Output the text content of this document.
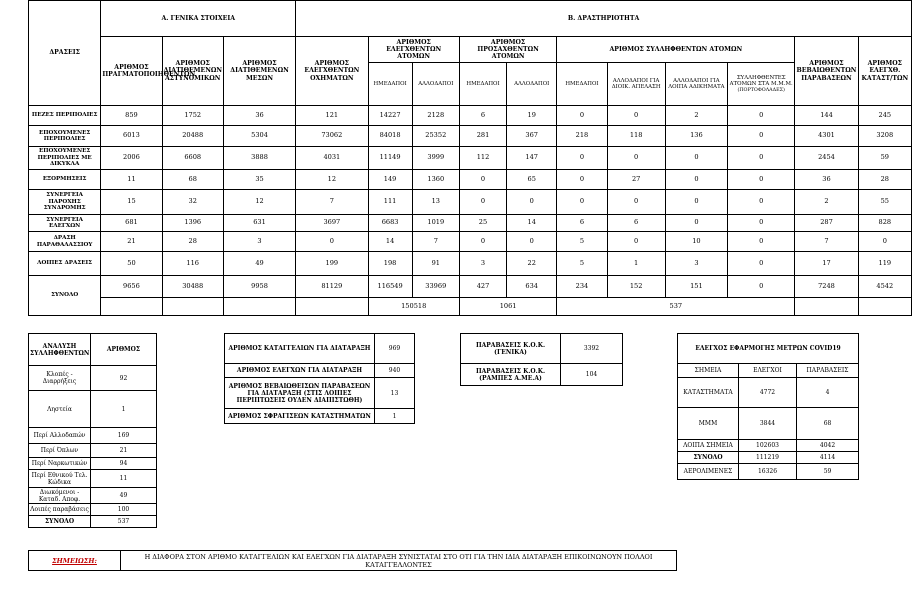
ΔΡΑΣΕΙΣ	Α. ΓΕΝΙΚΑ ΣΤΟΙΧΕΙΑ			Β. ΔΡΑΣΤΗΡΙΟΤΗΤΑ										
	ΑΡΙΘΜΟΣ ΠΡΑΓΜΑΤΟΠΟΙΗΘΕΝΤΩΝ	ΑΡΙΘΜΟΣ ΔΙΑΤΙΘΕΜΕΝΩΝ ΑΣΤΥΝΟΜΙΚΩΝ	ΑΡΙΘΜΟΣ ΔΙΑΤΙΘΕΜΕΝΩΝ ΜΕΣΩΝ	ΑΡΙΘΜΟΣ ΕΛΕΓΧΘΕΝΤΩΝ ΟΧΗΜΑΤΩΝ	ΑΡΙΘΜΟΣ ΕΛΕΓΧΘΕΝΤΩΝ ΑΤΟΜΩΝ		ΑΡΙΘΜΟΣ ΠΡΟΣΑΧΘΕΝΤΩΝ ΑΤΟΜΩΝ		ΑΡΙΘΜΟΣ ΣΥΛΛΗΦΘΕΝΤΩΝ ΑΤΟΜΩΝ				ΑΡΙΘΜΟΣ ΒΕΒΑΙΩΘΕΝΤΩΝ ΠΑΡΑΒΑΣΕΩΝ	ΑΡΙΘΜΟΣ ΕΛΕΓΧΘ. ΚΑΤΑΣΤ/ΤΩΝ
					ΗΜΕΔΑΠΟΙ	ΑΛΛΟΔΑΠΟΙ	ΗΜΕΔΑΠΟΙ	ΑΛΛΟΔΑΠΟΙ	ΗΜΕΔΑΠΟΙ	ΑΛΛΟΔΑΠΟΙ ΓΙΑ ΔΙΟΙΚ. ΑΠΕΛΑΣΗ	ΑΛΛΟΔΑΠΟΙ ΓΙΑ ΛΟΙΠΑ ΑΔΙΚΗΜΑΤΑ	ΣΥΛΛΗΦΘΕΝΤΕΣ ΑΤΟΜΩΝ ΣΤΑ Μ.Μ.Μ.
(ΠΟΡΤΟΦΟΛΑΔΕΣ)		
ΠΕΖΕΣ ΠΕΡΙΠΟΛΙΕΣ	859	1752	36	121	14227	2128	6	19	0	0	2	0	144	245
ΕΠΟΧΟΥΜΕΝΕΣ ΠΕΡΙΠΟΛΙΕΣ	6013	20488	5304	73062	84018	25352	281	367	218	118	136	0	4301	3208
ΕΠΟΧΟΥΜΕΝΕΣ ΠΕΡΙΠΟΛΙΕΣ ΜΕ ΔΙΚΥΚΛΑ	2006	6608	3888	4031	11149	3999	112	147	0	0	0	0	2454	59
ΕΞΟΡΜΗΣΕΙΣ	11	68	35	12	149	1360	0	65	0	27	0	0	36	28
ΣΥΝΕΡΓΕΙΑ ΠΑΡΟΧΗΣ ΣΥΝΔΡΟΜΗΣ	15	32	12	7	111	13	0	0	0	0	0	0	2	55
ΣΥΝΕΡΓΕΙΑ ΕΛΕΓΧΩΝ	681	1396	631	3697	6683	1019	25	14	6	6	0	0	287	828
ΔΡΑΣΗ ΠΑΡΑΘΑΛΑΣΣΙΟΥ	21	28	3	0	14	7	0	0	5	0	10	0	7	0
ΛΟΙΠΕΣ ΔΡΑΣΕΙΣ	50	116	49	199	198	91	3	22	5	1	3	0	17	119
ΣΥΝΟΛΟ	9656	30488	9958	81129	116549	33969	427	634	234	152	151	0	7248	4542
					150518		1061		537					
ΑΝΑΛΥΣΗ ΣΥΛΛΗΦΘΕΝΤΩΝ	ΑΡΙΘΜΟΣ
Κλοπές - Διαρρήξεις	92
Ληστεία	1
Περί Αλλοδαπών	169
Περί Όπλων	21
Περί Ναρκωτικών	94
Περί Εθνικού Τελ. Κώδικα	11
Διωκόμενοι - Καταδ. Αποφ.	49
Λοιπές παραβάσεις	100
ΣΥΝΟΛΟ	537
ΑΡΙΘΜΟΣ ΚΑΤΑΓΓΕΛΙΩΝ ΓΙΑ ΔΙΑΤΑΡΑΞΗ	969
ΑΡΙΘΜΟΣ ΕΛΕΓΧΩΝ ΓΙΑ ΔΙΑΤΑΡΑΞΗ	940
ΑΡΙΘΜΟΣ ΒΕΒΑΙΩΘΕΙΣΩΝ ΠΑΡΑΒΑΣΕΩΝ ΓΙΑ ΔΙΑΤΑΡΑΞΗ (ΣΤΙΣ ΛΟΙΠΕΣ ΠΕΡΙΠΤΩΣΕΙΣ ΟΥΔΕΝ ΔΙΑΠΙΣΤΩΘΗ)	13
ΑΡΙΘΜΟΣ ΣΦΡΑΓΙΣΕΩΝ ΚΑΤΑΣΤΗΜΑΤΩΝ	1
ΠΑΡΑΒΑΣΕΙΣ Κ.Ο.Κ. (ΓΕΝΙΚΑ)	3392
ΠΑΡΑΒΑΣΕΙΣ Κ.Ο.Κ. (ΡΑΜΠΕΣ Α.ΜΕ.Α)	104
ΕΛΕΓΧΟΣ ΕΦΑΡΜΟΓΗΣ ΜΕΤΡΩΝ COVID19		
ΣΗΜΕΙΑ	ΕΛΕΓΧΟΙ	ΠΑΡΑΒΑΣΕΙΣ
ΚΑΤΑΣΤΗΜΑΤΑ	4772	4
ΜΜΜ	3844	68
ΛΟΙΠΑ ΣΗΜΕΙΑ	102603	4042
ΣΥΝΟΛΟ	111219	4114
ΑΕΡΟΛΙΜΕΝΕΣ	16326	59
ΣΗΜΕΙΩΣΗ:	Η ΔΙΑΦΟΡΑ ΣΤΟΝ ΑΡΙΘΜΟ ΚΑΤΑΓΓΕΛΙΩΝ ΚΑΙ ΕΛΕΓΧΩΝ ΓΙΑ ΔΙΑΤΑΡΑΞΗ ΣΥΝΙΣΤΑΤΑΙ ΣΤΟ ΟΤΙ ΓΙΑ ΤΗΝ ΙΔΙΑ ΔΙΑΤΑΡΑΞΗ ΕΠΙΚΟΙΝΩΝΟΥΝ ΠΟΛΛΟΙ ΚΑΤΑΓΓΕΛΛΟΝΤΕΣ
